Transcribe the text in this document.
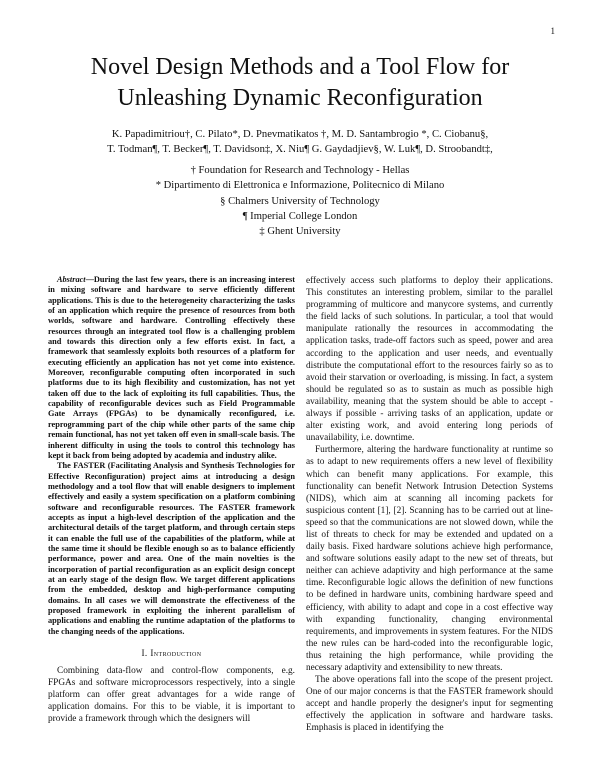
1
Novel Design Methods and a Tool Flow for
Unleashing Dynamic Reconfiguration
K. Papadimitriou†, C. Pilato*, D. Pnevmatikatos †, M. D. Santambrogio *, C. Ciobanu§,
T. Todman¶, T. Becker¶, T. Davidson‡, X. Niu¶ G. Gaydadjiev§, W. Luk¶, D. Stroobandt‡,
† Foundation for Research and Technology - Hellas
* Dipartimento di Elettronica e Informazione, Politecnico di Milano
§ Chalmers University of Technology
¶ Imperial College London
‡ Ghent University

Abstract—During the last few years, there is an increasing interest in mixing software and hardware to serve efficiently different applications. This is due to the heterogeneity characterizing the tasks of an application which require the presence of resources from both worlds, software and hardware. Controlling effectively these resources through an integrated tool flow is a challenging problem and towards this direction only a few efforts exist. In fact, a framework that seamlessly exploits both resources of a platform for executing efficiently an application has not yet come into existence. Moreover, reconfigurable computing often incorporated in such platforms due to its high flexibility and customization, has not yet taken off due to the lack of exploiting its full capabilities. Thus, the capability of reconfigurable devices such as Field Programmable Gate Arrays (FPGAs) to be dynamically reconfigured, i.e. reprogramming part of the chip while other parts of the same chip remain functional, has not yet taken off even in small-scale basis. The inherent difficulty in using the tools to control this technology has kept it back from being adopted by academia and industry alike.

The FASTER (Facilitating Analysis and Synthesis Technologies for Effective Reconfiguration) project aims at introducing a design methodology and a tool flow that will enable designers to implement effectively and easily a system specification on a platform combining software and reconfigurable resources. The FASTER framework accepts as input a high-level description of the application and the architectural details of the target platform, and through certain steps it can enable the full use of the capabilities of the platform, while at the same time it should be flexible enough so as to balance efficiently performance, power and area. One of the main novelties is the incorporation of partial reconfiguration as an explicit design concept at an early stage of the design flow. We target different applications from the embedded, desktop and high-performance computing domains. In all cases we will demonstrate the effectiveness of the proposed framework in exploiting the inherent parallelism of applications and enabling the runtime adaptation of the platforms to the changing needs of the applications.

I. Introduction

Combining data-flow and control-flow components, e.g. FPGAs and software microprocessors respectively, into a single platform can offer great advantages for a wide range of application domains. For this to be viable, it is important to provide a framework through which the designers will

effectively access such platforms to deploy their applications. This constitutes an interesting problem, similar to the parallel programming of multicore and manycore systems, and currently the field lacks of such solutions. In particular, a tool that would manipulate rationally the resources in accommodating the application tasks, trade-off factors such as speed, power and area according to the application and user needs, and eventually distribute the computational effort to the resources fairly so as to avoid their starvation or overloading, is missing. In fact, a system should be regulated so as to sustain as much as possible high availability, meaning that the system should be able to accept - always if possible - arriving tasks of an application, update or alter existing work, and avoid entering long periods of unavailability, i.e. downtime.

Furthermore, altering the hardware functionality at runtime so as to adapt to new requirements offers a new level of flexibility which can benefit many applications. For example, this functionality can benefit Network Intrusion Detection Systems (NIDS), which aim at scanning all incoming packets for suspicious content [1], [2]. Scanning has to be carried out at line-speed so that the communications are not slowed down, while the list of threats to check for may be extended and updated on a daily basis. Fixed hardware solutions achieve high performance, and software solutions easily adapt to the new set of threats, but neither can achieve adaptivity and high performance at the same time. Reconfigurable logic allows the definition of new functions to be defined in hardware units, combining hardware speed and efficiency, with ability to adapt and cope in a cost effective way with expanding functionality, changing environmental requirements, and improvements in system features. For the NIDS the new rules can be hard-coded into the reconfigurable logic, thus retaining the high performance, while providing the necessary adaptivity and extensibility to new threats.

The above operations fall into the scope of the present project. One of our major concerns is that the FASTER framework should accept and handle properly the designer's input for segmenting effectively the application in software and hardware tasks. Emphasis is placed in identifying the
